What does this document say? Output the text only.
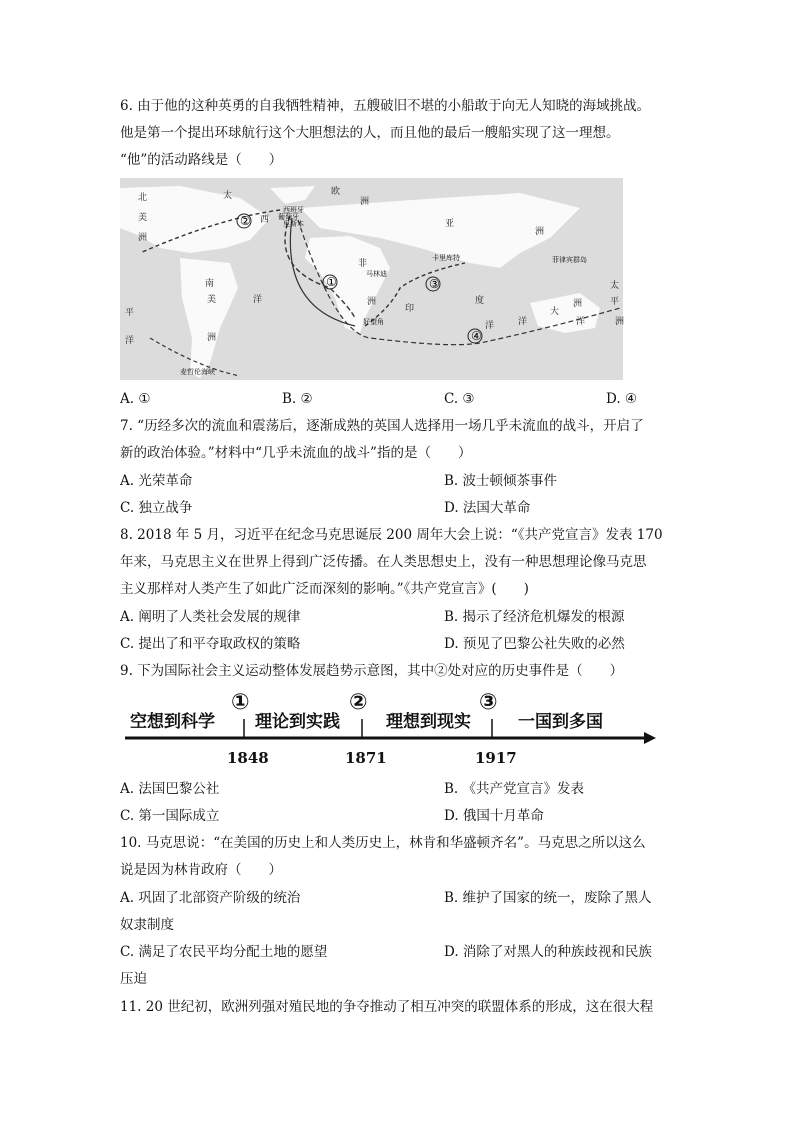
6. 由于他的这种英勇的自我牺牲精神，五艘破旧不堪的小船敢于向无人知晓的海域挑战。
他是第一个提出环球航行这个大胆想法的人，而且他的最后一艘船实现了这一理想。
“他”的活动路线是（　　）
②
①	③
④
西班牙
葡萄牙
里斯本
马林迪
卡里库特	菲律宾群岛
好望角
麦哲伦海峡
北
美
洲
太
平
洋
欧
洲
亚
洲
非
洲
南
美
洲
西
洋
印
度
洋
大
洋	洲
太
平
洋
洲
A. ①	B. ②	C. ③	D. ④
7. “历经多次的流血和震荡后，逐渐成熟的英国人选择用一场几乎未流血的战斗，开启了
新的政治体验。”材料中“几乎未流血的战斗”指的是（　　）
A. 光荣革命	B. 波士顿倾茶事件
C. 独立战争	D. 法国大革命
8. 2018 年 5 月，习近平在纪念马克思诞辰 200 周年大会上说：“《共产党宣言》发表 170
年来，马克思主义在世界上得到广泛传播。在人类思想史上，没有一种思想理论像马克思
主义那样对人类产生了如此广泛而深刻的影响。”《共产党宣言》(　　)
A. 阐明了人类社会发展的规律	B. 揭示了经济危机爆发的根源
C. 提出了和平夺取政权的策略	D. 预见了巴黎公社失败的必然
9. 下为国际社会主义运动整体发展趋势示意图，其中②处对应的历史事件是（　　）
空想到科学 理论到实践	理想到现实	一国到多国
①	②	③
1848	1871	1917
A. 法国巴黎公社	B. 《共产党宣言》发表
C. 第一国际成立	D. 俄国十月革命
10. 马克思说：“在美国的历史上和人类历史上，林肯和华盛顿齐名”。马克思之所以这么
说是因为林肯政府（　　）
A. 巩固了北部资产阶级的统治	B. 维护了国家的统一，废除了黑人
奴隶制度
C. 满足了农民平均分配土地的愿望	D. 消除了对黑人的种族歧视和民族
压迫
11. 20 世纪初，欧洲列强对殖民地的争夺推动了相互冲突的联盟体系的形成，这在很大程
